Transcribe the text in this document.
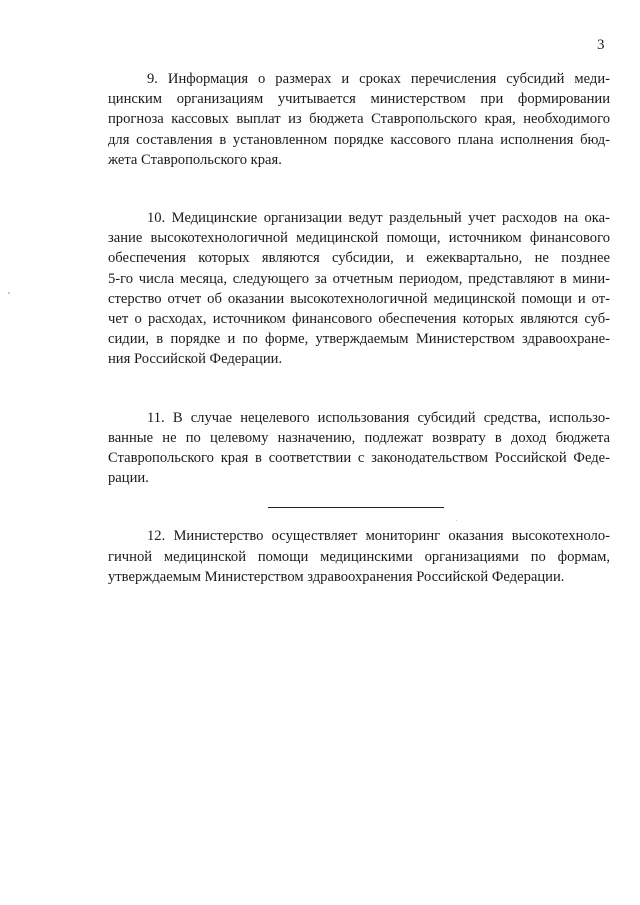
3

9. Информация о размерах и сроках перечисления субсидий меди-
цинским организациям учитывается министерством при формировании
прогноза кассовых выплат из бюджета Ставропольского края, необходимого
для составления в установленном порядке кассового плана исполнения бюд-
жета Ставропольского края.

10. Медицинские организации ведут раздельный учет расходов на ока-
зание высокотехнологичной медицинской помощи, источником финансового
обеспечения которых являются субсидии, и ежеквартально, не позднее
5-го числа месяца, следующего за отчетным периодом, представляют в мини-
стерство отчет об оказании высокотехнологичной медицинской помощи и от-
чет о расходах, источником финансового обеспечения которых являются суб-
сидии, в порядке и по форме, утверждаемым Министерством здравоохране-
ния Российской Федерации.

11. В случае нецелевого использования субсидий средства, использо-
ванные не по целевому назначению, подлежат возврату в доход бюджета
Ставропольского края в соответствии с законодательством Российской Феде-
рации.

12. Министерство осуществляет мониторинг оказания высокотехноло-
гичной медицинской помощи медицинскими организациями по формам,
утверждаемым Министерством здравоохранения Российской Федерации.
